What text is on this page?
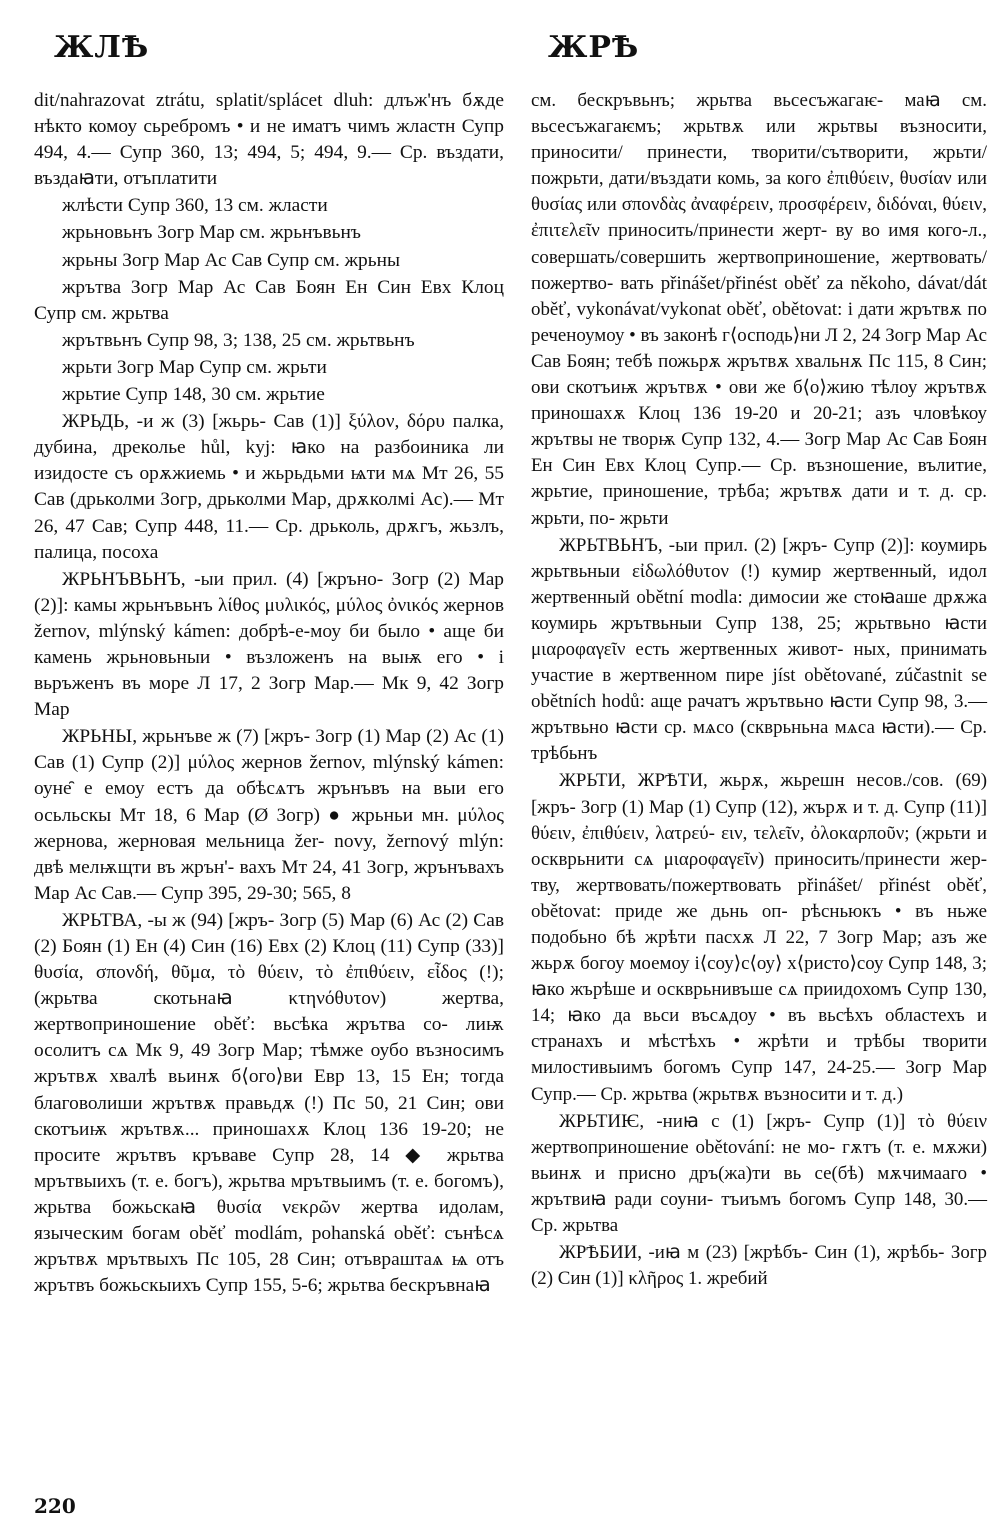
ЖЛѢ	ЖРѢ

dit/nahrazovat ztrátu, splatit/splácet dluh: длъж'нъ бѫде нѣкто комоу сьребромъ • и не иматъ чимъ жластн Супр 494, 4.— Супр 360, 13; 494, 5; 494, 9.— Ср. въздати, въздаꙗти, отъплатити

жлѣсти Супр 360, 13 см. жласти

жрьновьнъ Зогр Мар см. жрьнъвьнъ

жрьны Зогр Мар Ас Сав Супр см. жрьны

жрътва Зогр Мар Ас Сав Боян Ен Син Евх Клоц Супр см. жрьтва

жрътвьнъ Супр 98, 3; 138, 25 см. жрьтвьнъ

жрьти Зогр Мар Супр см. жрьти

жрьтие Супр 148, 30 см. жрьтие

ЖРЬДЬ, -и ж (3) [жьрь- Сав (1)] ξύλον, δόρυ палка, дубина, дреколье hůl, kyj: ꙗко на разбоиника ли изидосте съ орѫжиемь • и жьрьдьми ѩти мѧ Мт 26, 55 Сав (дрьколми Зогр, дрьколми Мар, дрѫколмі Ас).— Мт 26, 47 Сав; Супр 448, 11.— Ср. дрьколь, дрѫгъ, жьзлъ, палица, посоха

ЖРЬНЪВЬНЪ, -ыи прил. (4) [жръно- Зогр (2) Мар (2)]: камы жрьнъвьнъ λίθος μυλικός, μύλος ὀνικός жернов žernov, mlýnský kámen: добрѣ-е-моу би было • аще би камень жрьновьныи • възложенъ на выѭ его • і вьръженъ въ море Л 17, 2 Зогр Мар.— Мк 9, 42 Зогр Мар

ЖРЬНЫ, жрьнъве ж (7) [жръ- Зогр (1) Мар (2) Ас (1) Сав (1) Супр (2)] μύλος жернов žernov, mlýnský kámen: оуне̑ е емоу естъ да обѣсѧтъ жрънъвъ на выи его осьльскы Мт 18, 6 Мар (Ø Зогр) ● жрьньи мн. μύλος жернова, жерновая мельница žer- novy, žernový mlýn: двѣ мелѭщти въ жрън'- вахъ Мт 24, 41 Зогр, жрънъвахъ Мар Ас Сав.— Супр 395, 29-30; 565, 8

ЖРЬТВА, -ы ж (94) [жръ- Зогр (5) Мар (6) Ас (2) Сав (2) Боян (1) Ен (4) Син (16) Евх (2) Клоц (11) Супр (33)] θυσία, σπονδή, θῦμα, τὸ θύειν, τὸ ἐπιθύειν, εἶδος (!); (жрьтва скотьнаꙗ κτηνόθυτον) жертва, жертвоприношение oběť: вьсѣка жрътва со- лиѭ осолитъ сѧ Мк 9, 49 Зогр Мар; тѣмже оубо възносимъ жрътвѫ хвалѣ вьинѫ б⟨ого⟩ви Евр 13, 15 Ен; тогда благоволиши жрътвѫ правьдѫ (!) Пс 50, 21 Син; ови скотъиѭ жрътвѫ... приношахѫ Клоц 136 19-20; не просите жрътвъ кръваве Супр 28, 14 ◆ жрьтва мрътвыихъ (т. е. богъ), жрьтва мрътвыимъ (т. е. богомъ), жрьтва божьскаꙗ θυσία νεκρῶν жертва идолам, языческим богам oběť modlám, pohanská oběť: сънѣсѧ жрътвѫ мрътвыхъ Пс 105, 28 Син; отъвраштаѧ ѩ отъ жрътвъ божьскыихъ Супр 155, 5-6; жрьтва бескръвнаꙗ

см. бескръвьнъ; жрьтва вьсесъжагаѥ- маꙗ см. вьсесъжагаѥмъ; жрьтвѫ или жрьтвы възносити, приносити/ принести, творити/сътворити, жрьти/пожрьти, дати/въздати комь, за кого ἐπιθύειν, θυσίαν или θυσίας или σπονδὰς ἀναφέρειν, προσφέρειν, διδόναι, θύειν, ἐπιτελεῖν приносить/принести жерт- ву во имя кого-л., совершать/совершить жертвоприношение, жертвовать/пожертво- вать přinášet/přinést oběť za někoho, dávat/dát oběť, vykonávat/vykonat oběť, obětovat: і дати жрътвѫ по реченоумоу • въ законѣ г⟨осподь⟩ни Л 2, 24 Зогр Мар Ас Сав Боян; тебѣ пожьрѫ жрътвѫ хвальнѫ Пс 115, 8 Син; ови скотъиѭ жрътвѫ • ови же б⟨о⟩жию тѣлоу жрътвѫ приношахѫ Клоц 136 19-20 и 20-21; азъ чловѣкоу жрътвы не творѭ Супр 132, 4.— Зогр Мар Ас Сав Боян Ен Син Евх Клоц Супр.— Ср. възношение, вълитие, жрьтие, приношение, трѣба; жрътвѫ дати и т. д. ср. жрьти, по- жрьти

ЖРЬТВЬНЪ, -ыи прил. (2) [жръ- Супр (2)]: коумирь жрьтвьныи εἰδωλόθυτον (!) кумир жертвенный, идол жертвенный obětní modla: димосии же стоꙗаше дрѫжа коумирь жрътвьныи Супр 138, 25; жрьтвьно ꙗсти μιαροφαγεῖν есть жертвенных живот- ных, принимать участие в жертвенном пире jíst obětované, zúčastnit se obětních hodů: аще рачатъ жрътвьно ꙗсти Супр 98, 3.— жрътвьно ꙗсти ср. мѧсо (скврьньна мѧса ꙗсти).— Ср. трѣбьнъ

ЖРЬТИ, ЖРѢТИ, жьрѫ, жьрешн несов./сов. (69) [жръ- Зогр (1) Мар (1) Супр (12), жърѫ и т. д. Супр (11)] θύειν, ἐπιθύειν, λατρεύ- ειν, τελεῖν, ὀλοκαρποῦν; (жрьти и оскврьнити сѧ μιαροφαγεῖν) приносить/принести жер- тву, жертвовать/пожертвовать přinášet/ přinést oběť, obětovat: приде же дьнь оп- рѣсньюкъ • въ ньже подобьно бѣ жрѣти пасхѫ Л 22, 7 Зогр Мар; азъ же жьрѫ богоу моемоу і⟨соу⟩с⟨оу⟩ х⟨ристо⟩соу Супр 148, 3; ꙗко жърѣше и оскврьнивъше сѧ приидохомъ Супр 130, 14; ꙗко да вьси въсѧдоу • въ вьсѣхъ областехъ и странахъ и мѣстѣхъ • жрѣти и трѣбы творити милостивыимъ богомъ Супр 147, 24-25.— Зогр Мар Супр.— Ср. жрьтва (жрьтвѫ възносити и т. д.)

ЖРЬТИѤ, -ниꙗ с (1) [жръ- Супр (1)] τὸ θύειν жертвоприношение obětování: не мо- гѫтъ (т. е. мѫжи) вьинѫ и присно дръ(жа)ти вь се(бѣ) мѫчимааго • жрътвиꙗ ради соуни- тъиъмъ богомъ Супр 148, 30.— Ср. жрьтва

ЖРѢБИИ, -иꙗ м (23) [жрѣбъ- Син (1), жрѣбь- Зогр (2) Син (1)] κλῆρος 1. жребий

220
